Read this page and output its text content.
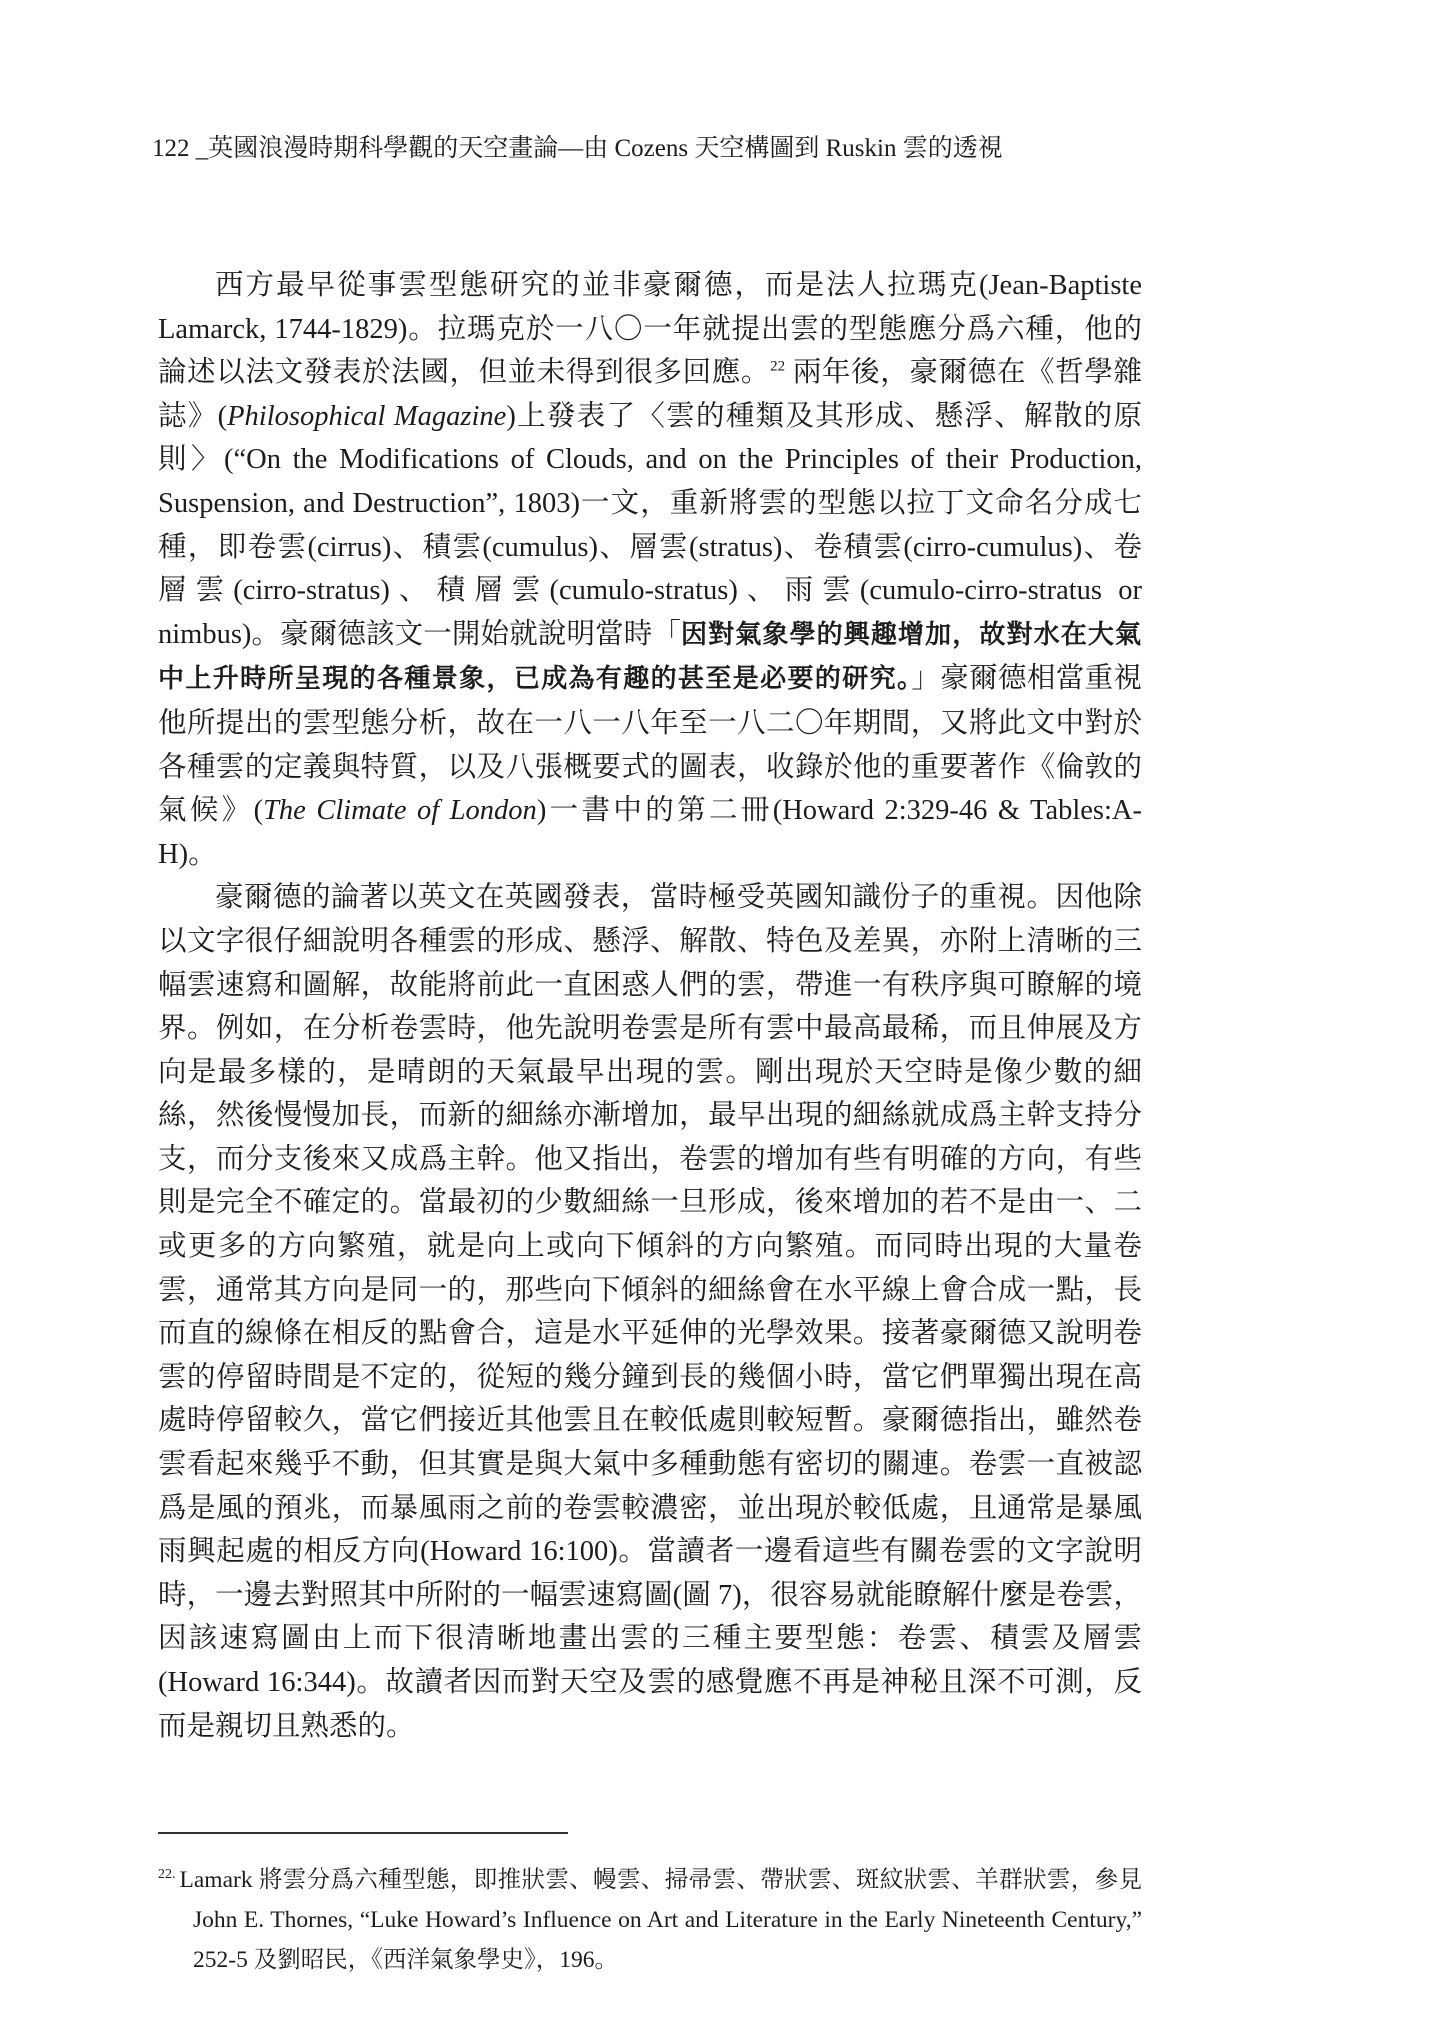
122 _英國浪漫時期科學觀的天空畫論—由 Cozens 天空構圖到 Ruskin 雲的透視

西方最早從事雲型態研究的並非豪爾德，而是法人拉瑪克(Jean-Baptiste Lamarck, 1744-1829)。拉瑪克於一八〇一年就提出雲的型態應分爲六種，他的論述以法文發表於法國，但並未得到很多回應。$^{22}$ 兩年後，豪爾德在《哲學雜誌》(Philosophical Magazine)上發表了〈雲的種類及其形成、懸浮、解散的原則〉(“On the Modifications of Clouds, and on the Principles of their Production, Suspension, and Destruction”, 1803)一文，重新將雲的型態以拉丁文命名分成七種，即卷雲(cirrus)、積雲(cumulus)、層雲(stratus)、卷積雲(cirro-cumulus)、卷層雲(cirro-stratus)、積層雲(cumulo-stratus)、雨雲(cumulo-cirro-stratus or nimbus)。豪爾德該文一開始就說明當時「因對氣象學的興趣增加，故對水在大氣中上升時所呈現的各種景象，已成為有趣的甚至是必要的研究。」豪爾德相當重視他所提出的雲型態分析，故在一八一八年至一八二〇年期間，又將此文中對於各種雲的定義與特質，以及八張概要式的圖表，收錄於他的重要著作《倫敦的氣候》(The Climate of London)一書中的第二冊(Howard 2:329-46 & Tables:A-H)。

豪爾德的論著以英文在英國發表，當時極受英國知識份子的重視。因他除以文字很仔細說明各種雲的形成、懸浮、解散、特色及差異，亦附上清晰的三幅雲速寫和圖解，故能將前此一直困惑人們的雲，帶進一有秩序與可瞭解的境界。例如，在分析卷雲時，他先說明卷雲是所有雲中最高最稀，而且伸展及方向是最多樣的，是晴朗的天氣最早出現的雲。剛出現於天空時是像少數的細絲，然後慢慢加長，而新的細絲亦漸增加，最早出現的細絲就成爲主幹支持分支，而分支後來又成爲主幹。他又指出，卷雲的增加有些有明確的方向，有些則是完全不確定的。當最初的少數細絲一旦形成，後來增加的若不是由一、二或更多的方向繁殖，就是向上或向下傾斜的方向繁殖。而同時出現的大量卷雲，通常其方向是同一的，那些向下傾斜的細絲會在水平線上會合成一點，長而直的線條在相反的點會合，這是水平延伸的光學效果。接著豪爾德又說明卷雲的停留時間是不定的，從短的幾分鐘到長的幾個小時，當它們單獨出現在高處時停留較久，當它們接近其他雲且在較低處則較短暫。豪爾德指出，雖然卷雲看起來幾乎不動，但其實是與大氣中多種動態有密切的關連。卷雲一直被認爲是風的預兆，而暴風雨之前的卷雲較濃密，並出現於較低處，且通常是暴風雨興起處的相反方向(Howard 16:100)。當讀者一邊看這些有關卷雲的文字說明時，一邊去對照其中所附的一幅雲速寫圖(圖 7)，很容易就能瞭解什麼是卷雲，因該速寫圖由上而下很清晰地畫出雲的三種主要型態：卷雲、積雲及層雲 (Howard 16:344)。故讀者因而對天空及雲的感覺應不再是神秘且深不可測，反而是親切且熟悉的。

$^{22.}$ Lamark 將雲分爲六種型態，即推狀雲、幔雲、掃帚雲、帶狀雲、斑紋狀雲、羊群狀雲，參見 John E. Thornes, “Luke Howard’s Influence on Art and Literature in the Early Nineteenth Century,” 252-5 及劉昭民，《西洋氣象學史》，196。
